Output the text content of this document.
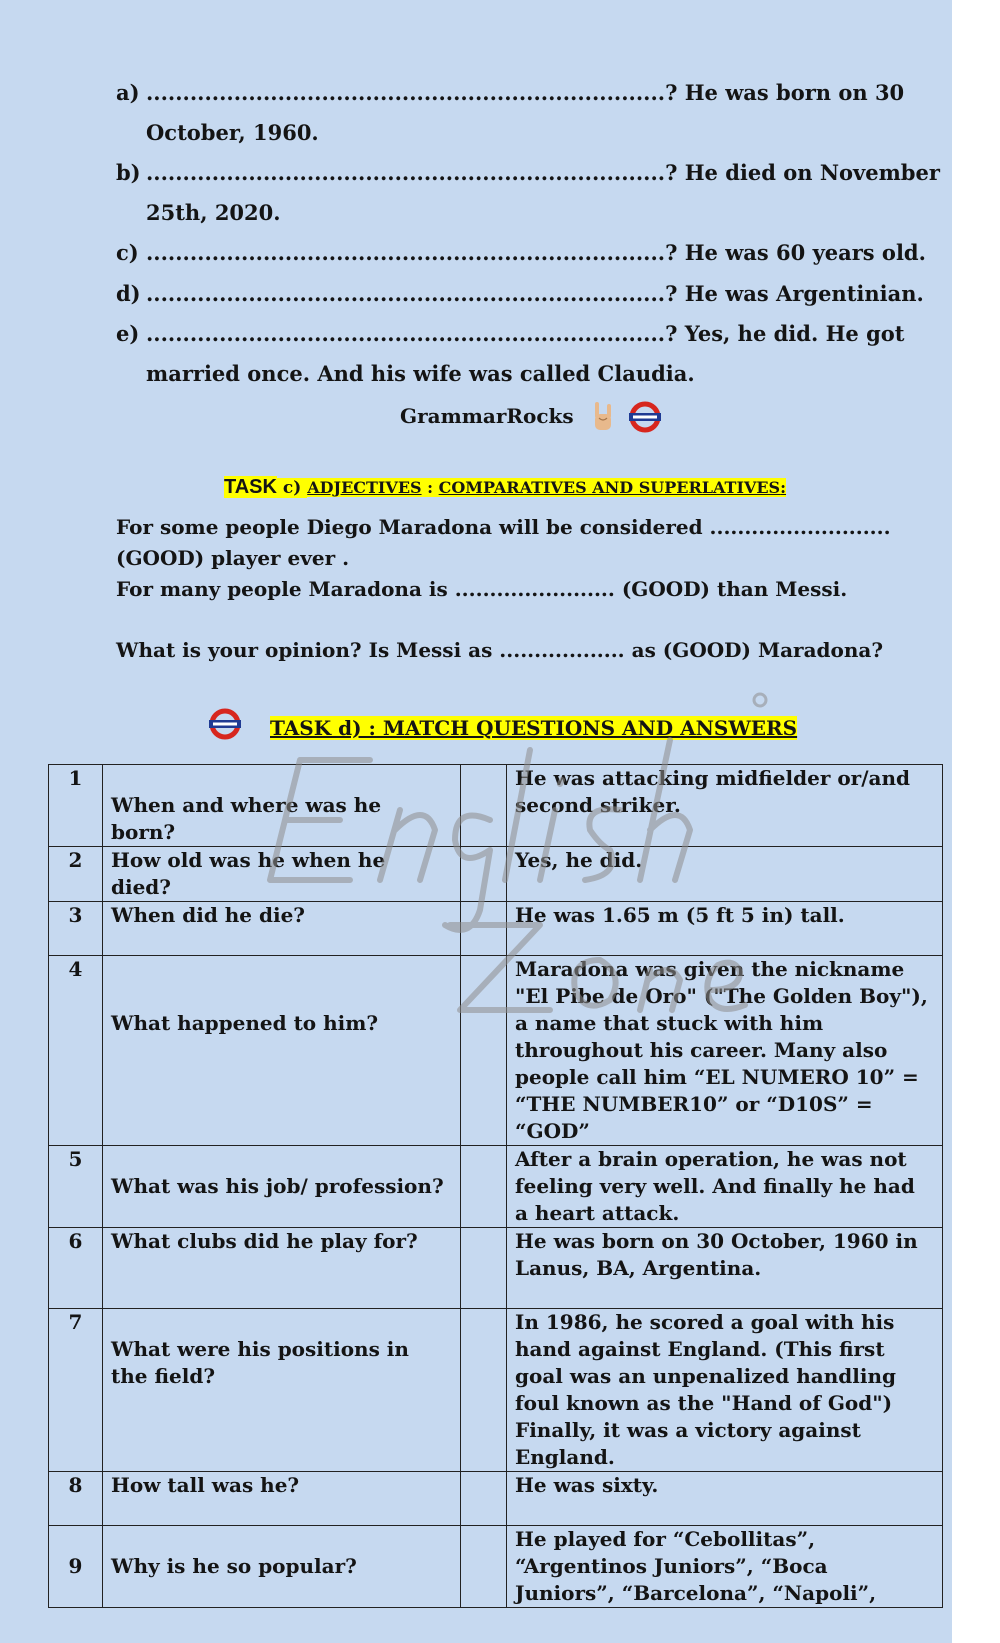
a) .......................................................................? He was born on 30
October, 1960.
b) .......................................................................? He died on November
25th, 2020.
c) .......................................................................? He was 60 years old.
d) .......................................................................? He was Argentinian.
e) .......................................................................? Yes, he did. He got
married once. And his wife was called Claudia.
GrammarRocks
TASK c) ADJECTIVES : COMPARATIVES AND SUPERLATIVES:
For some people Diego Maradona will be considered ..........................
(GOOD) player ever .
For many people Maradona is ....................... (GOOD) than Messi.
What is your opinion? Is Messi as .................. as (GOOD) Maradona?
TASK d) : MATCH QUESTIONS AND ANSWERS
1	When and where was he born?		He was attacking midfielder or/and second striker.
2	How old was he when he died?		Yes, he did.
3	When did he die?		He was 1.65 m (5 ft 5 in) tall.
4	What happened to him?		Maradona was given the nickname "El Pibe de Oro" ("The Golden Boy"), a name that stuck with him throughout his career. Many also people call him “EL NUMERO 10” = “THE NUMBER10” or “D10S” = “GOD”
5	What was his job/ profession?		After a brain operation, he was not feeling very well. And finally he had a heart attack.
6	What clubs did he play for?		He was born on 30 October, 1960 in Lanus, BA, Argentina.
7	What were his positions in the field?		In 1986, he scored a goal with his hand against England. (This first goal was an unpenalized handling foul known as the "Hand of God") Finally, it was a victory against England.
8	How tall was he?		He was sixty.
9	Why is he so popular?		He played for “Cebollitas”, “Argentinos Juniors”, “Boca Juniors”, “Barcelona”, “Napoli”,
